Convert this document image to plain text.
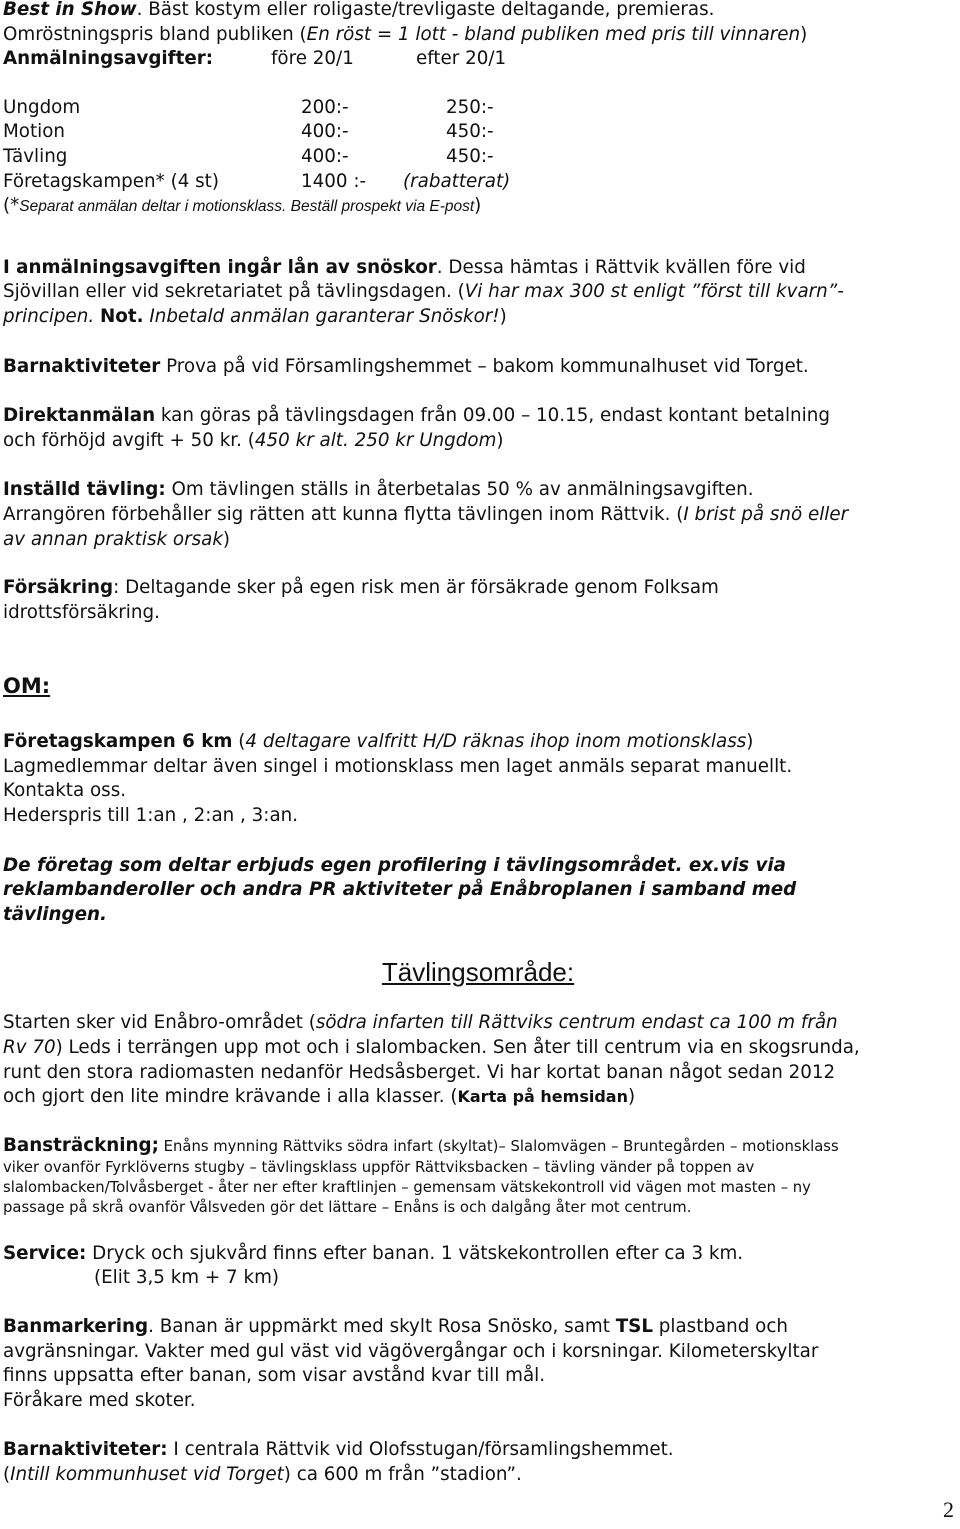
Best in Show. Bäst kostym eller roligaste/trevligaste deltagande, premieras.
Omröstningspris bland publiken (En röst = 1 lott - bland publiken med pris till vinnaren)
Anmälningsavgifter:	före 20/1	efter 20/1
Ungdom	200:-	250:-
Motion	400:-	450:-
Tävling	400:-	450:-
Företagskampen* (4 st)	1400 :- (rabatterat)
(*Separat anmälan deltar i motionsklass. Beställ prospekt via E-post)
I anmälningsavgiften ingår lån av snöskor. Dessa hämtas i Rättvik kvällen före vid
Sjövillan eller vid sekretariatet på tävlingsdagen. (Vi har max 300 st enligt ”först till kvarn”-
principen. Not. Inbetald anmälan garanterar Snöskor!)
Barnaktiviteter Prova på vid Församlingshemmet – bakom kommunalhuset vid Torget.
Direktanmälan kan göras på tävlingsdagen från 09.00 – 10.15, endast kontant betalning
och förhöjd avgift + 50 kr. (450 kr alt. 250 kr Ungdom)
Inställd tävling: Om tävlingen ställs in återbetalas 50 % av anmälningsavgiften.
Arrangören förbehåller sig rätten att kunna flytta tävlingen inom Rättvik. (I brist på snö eller
av annan praktisk orsak)
Försäkring: Deltagande sker på egen risk men är försäkrade genom Folksam
idrottsförsäkring.
OM:
Företagskampen 6 km (4 deltagare valfritt H/D räknas ihop inom motionsklass)
Lagmedlemmar deltar även singel i motionsklass men laget anmäls separat manuellt.
Kontakta oss.
Hederspris till 1:an , 2:an , 3:an.
De företag som deltar erbjuds egen profilering i tävlingsområdet. ex.vis via
reklambanderoller och andra PR aktiviteter på Enåbroplanen i samband med
tävlingen.
Tävlingsområde:
Starten sker vid Enåbro-området (södra infarten till Rättviks centrum endast ca 100 m från
Rv 70) Leds i terrängen upp mot och i slalombacken. Sen åter till centrum via en skogsrunda,
runt den stora radiomasten nedanför Hedsåsberget. Vi har kortat banan något sedan 2012
och gjort den lite mindre krävande i alla klasser. (Karta på hemsidan)
Bansträckning; Enåns mynning Rättviks södra infart (skyltat)– Slalomvägen – Bruntegården – motionsklass
viker ovanför Fyrklöverns stugby – tävlingsklass uppför Rättviksbacken – tävling vänder på toppen av
slalombacken/Tolvåsberget - åter ner efter kraftlinjen – gemensam vätskekontroll vid vägen mot masten – ny
passage på skrå ovanför Vålsveden gör det lättare – Enåns is och dalgång åter mot centrum.
Service: Dryck och sjukvård finns efter banan. 1 vätskekontrollen efter ca 3 km.
(Elit 3,5 km + 7 km)
Banmarkering. Banan är uppmärkt med skylt Rosa Snösko, samt TSL plastband och
avgränsningar. Vakter med gul väst vid vägövergångar och i korsningar. Kilometerskyltar
finns uppsatta efter banan, som visar avstånd kvar till mål.
Föråkare med skoter.
Barnaktiviteter: I centrala Rättvik vid Olofsstugan/församlingshemmet.
(Intill kommunhuset vid Torget) ca 600 m från ”stadion”.
2
